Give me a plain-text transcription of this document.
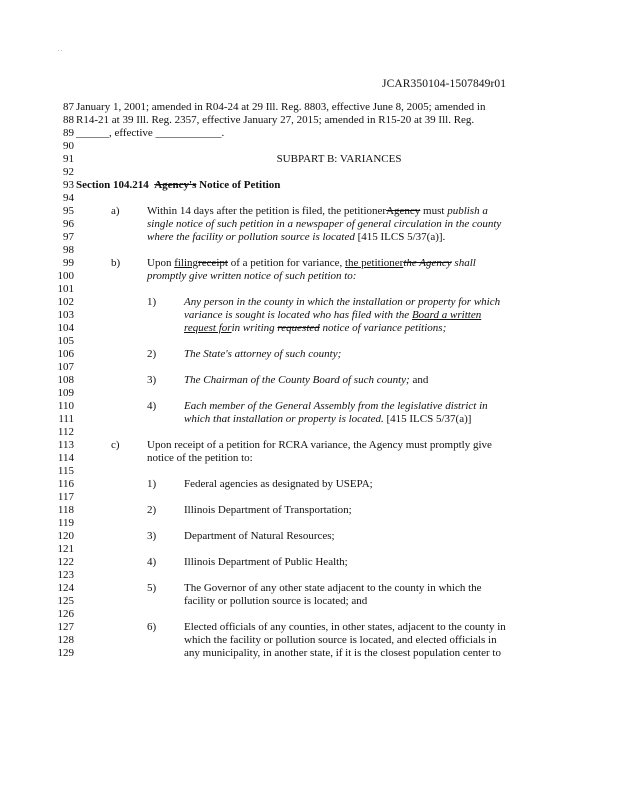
. .
JCAR350104-1507849r01
87 January 1, 2001; amended in R04-24 at 29 Ill. Reg. 8803, effective June 8, 2005; amended in
88 R14-21 at 39 Ill. Reg. 2357, effective January 27, 2015; amended in R15-20 at 39 Ill. Reg.
89 ______, effective ____________.
90
91	SUBPART B: VARIANCES
92
93 Section 104.214 Agency's Notice of Petition
94
95	a) Within 14 days after the petition is filed, the petitionerAgency must publish a
96	single notice of such petition in a newspaper of general circulation in the county
97	where the facility or pollution source is located [415 ILCS 5/37(a)].
98
99	b) Upon filingreceipt of a petition for variance, the petitionerthe Agency shall
100	promptly give written notice of such petition to:
101
102	1)	Any person in the county in which the installation or property for which
103	variance is sought is located who has filed with the Board a written
104	request forin writing requested notice of variance petitions;
105
106	2)	The State's attorney of such county;
107
108	3)	The Chairman of the County Board of such county; and
109
110	4)	Each member of the General Assembly from the legislative district in
111	which that installation or property is located. [415 ILCS 5/37(a)]
112
113	c) Upon receipt of a petition for RCRA variance, the Agency must promptly give
114	notice of the petition to:
115
116	1)	Federal agencies as designated by USEPA;
117
118	2)	Illinois Department of Transportation;
119
120	3)	Department of Natural Resources;
121
122	4)	Illinois Department of Public Health;
123
124	5)	The Governor of any other state adjacent to the county in which the
125	facility or pollution source is located; and
126
127	6)	Elected officials of any counties, in other states, adjacent to the county in
128	which the facility or pollution source is located, and elected officials in
129	any municipality, in another state, if it is the closest population center to
